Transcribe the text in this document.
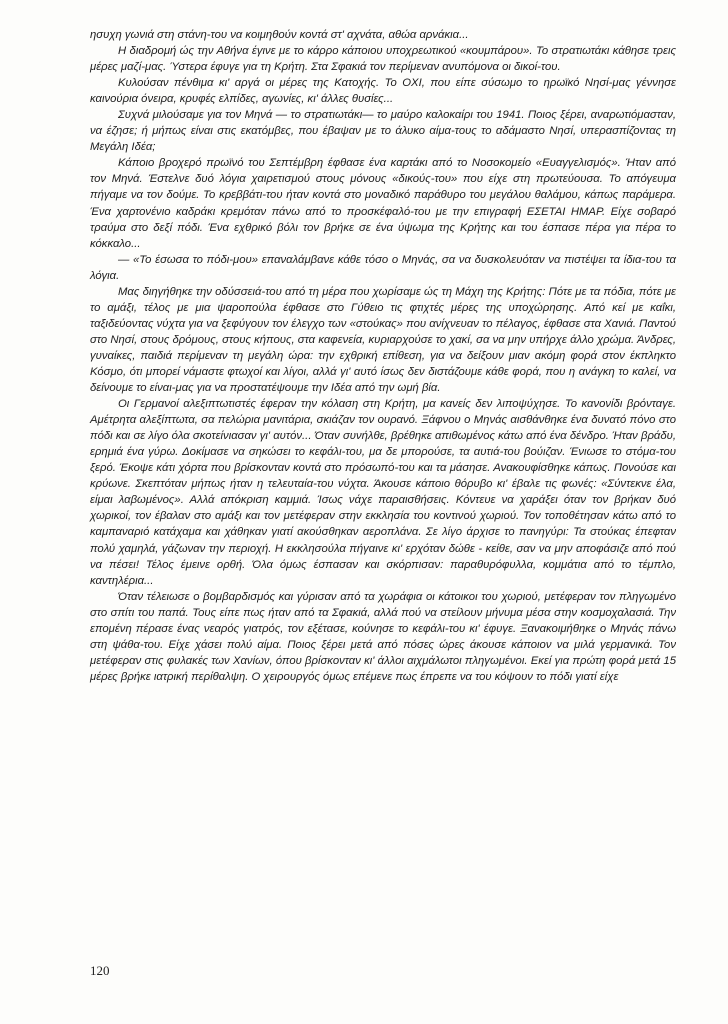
ησυχη γωνιά στη στάνη-του να κοιμηθούν κοντά στ' αχνάτα, αθώα αρνάκια...

Η διαδρομή ώς την Αθήνα έγινε με το κάρρο κάποιου υποχρεωτικού «κουμπάρου». Το στρατιωτάκι κάθησε τρεις μέρες μαζί-μας. Ύστερα έφυγε για τη Κρήτη. Στα Σφακιά τον περίμεναν ανυπόμονα οι δικοί-του.

Κυλούσαν πένθιμα κι' αργά οι μέρες της Κατοχής. Το ΟΧΙ, που είπε σύσωμο το ηρωϊκό Νησί-μας γέννησε καινούρια όνειρα, κρυφές ελπίδες, αγωνίες, κι' άλλες θυσίες...

Συχνά μιλούσαμε για τον Μηνά — το στρατιωτάκι— το μαύρο καλοκαίρι του 1941. Ποιος ξέρει, αναρωτιόμασταν, να έζησε; ή μήπως είναι στις εκατόμβες, που έβαψαν με το άλυκο αίμα-τους το αδάμαστο Νησί, υπερασπίζοντας τη Μεγάλη Ιδέα;

Κάποιο βροχερό πρωϊνό του Σεπτέμβρη έφθασε ένα καρτάκι από το Νοσοκομείο «Ευαγγελισμός». Ήταν από τον Μηνά. Έστελνε δυό λόγια χαιρετισμού στους μόνους «δικούς-του» που είχε στη πρωτεύουσα. Το απόγευμα πήγαμε να τον δούμε. Το κρεββάτι-του ήταν κοντά στο μοναδικό παράθυρο του μεγάλου θαλάμου, κάπως παράμερα. Ένα χαρτονένιο καδράκι κρεμόταν πάνω από το προσκέφαλό-του με την επιγραφή ΕΣΕΤΑΙ ΗΜΑΡ. Είχε σοβαρό τραύμα στο δεξί πόδι. Ένα εχθρικό βόλι τον βρήκε σε ένα ύψωμα της Κρήτης και του έσπασε πέρα για πέρα το κόκκαλο...

— «Το έσωσα το πόδι-μου» επαναλάμβανε κάθε τόσο ο Μηνάς, σα να δυσκολευόταν να πιστέψει τα ίδια-του τα λόγια.

Μας διηγήθηκε την οδύσσειά-του από τη μέρα που χωρίσαμε ώς τη Μάχη της Κρήτης: Πότε με τα πόδια, πότε με το αμάξι, τέλος με μια ψαροπούλα έφθασε στο Γύθειο τις φτιχτές μέρες της υποχώρησης. Από κεί με καΐκι, ταξιδεύοντας νύχτα για να ξεφύγουν τον έλεγχο των «στούκας» που ανίχνευαν το πέλαγος, έφθασε στα Χανιά. Παντού στο Νησί, στους δρόμους, στους κήπους, στα καφενεία, κυριαρχούσε το χακί, σα να μην υπήρχε άλλο χρώμα. Άνδρες, γυναίκες, παιδιά περίμεναν τη μεγάλη ώρα: την εχθρική επίθεση, για να δείξουν μιαν ακόμη φορά στον έκπληκτο Κόσμο, ότι μπορεί νάμαστε φτωχοί και λίγοι, αλλά γι' αυτό ίσως δεν διστάζουμε κάθε φορά, που η ανάγκη το καλεί, να δείνουμε το είναι-μας για να προστατέψουμε την Ιδέα από την ωμή βία.

Οι Γερμανοί αλεξιπτωτιστές έφεραν την κόλαση στη Κρήτη, μα κανείς δεν λιποψύχησε. Το κανονίδι βρόνταγε. Αμέτρητα αλεξίπτωτα, σα πελώρια μανιτάρια, σκιάζαν τον ουρανό. Ξάφνου ο Μηνάς αισθάνθηκε ένα δυνατό πόνο στο πόδι και σε λίγο όλα σκοτείνιασαν γι' αυτόν... Όταν συνήλθε, βρέθηκε απιθωμένος κάτω από ένα δένδρο. Ήταν βράδυ, ερημιά ένα γύρω. Δοκίμασε να σηκώσει το κεφάλι-του, μα δε μπορούσε, τα αυτιά-του βούιζαν. Ένιωσε το στόμα-του ξερό. Έκοψε κάτι χόρτα που βρίσκονταν κοντά στο πρόσωπό-του και τα μάσησε. Ανακουφίσθηκε κάπως. Πονούσε και κρύωνε. Σκεπτόταν μήπως ήταν η τελευταία-του νύχτα. Άκουσε κάποιο θόρυβο κι' έβαλε τις φωνές: «Σύντεκνε έλα, είμαι λαβωμένος». Αλλά απόκριση καμμιά. Ίσως νάχε παραισθήσεις. Κόντευε να χαράξει όταν τον βρήκαν δυό χωρικοί, τον έβαλαν στο αμάξι και τον μετέφεραν στην εκκλησία του κοντινού χωριού. Τον τοποθέτησαν κάτω από το καμπαναριό κατάχαμα και χάθηκαν γιατί ακούσθηκαν αεροπλάνα. Σε λίγο άρχισε το πανηγύρι: Τα στούκας έπεφταν πολύ χαμηλά, γάζωναν την περιοχή. Η εκκλησούλα πήγαινε κι' ερχόταν δώθε - κείθε, σαν να μην αποφάσιζε από πού να πέσει! Τέλος έμεινε ορθή. Όλα όμως έσπασαν και σκόρπισαν: παραθυρόφυλλα, κομμάτια από το τέμπλο, καντηλέρια...

Όταν τέλειωσε ο βομβαρδισμός και γύρισαν από τα χωράφια οι κάτοικοι του χωριού, μετέφεραν τον πληγωμένο στο σπίτι του παπά. Τους είπε πως ήταν από τα Σφακιά, αλλά πού να στείλουν μήνυμα μέσα στην κοσμοχαλασιά. Την επομένη πέρασε ένας νεαρός γιατρός, τον εξέτασε, κούνησε το κεφάλι-του κι' έφυγε. Ξανακοιμήθηκε ο Μηνάς πάνω στη ψάθα-του. Είχε χάσει πολύ αίμα. Ποιος ξέρει μετά από πόσες ώρες άκουσε κάποιον να μιλά γερμανικά. Τον μετέφεραν στις φυλακές των Χανίων, όπου βρίσκονταν κι' άλλοι αιχμάλωτοι πληγωμένοι. Εκεί για πρώτη φορά μετά 15 μέρες βρήκε ιατρική περίθαλψη. Ο χειρουργός όμως επέμενε πως έπρεπε να του κόψουν το πόδι γιατί είχε

120
